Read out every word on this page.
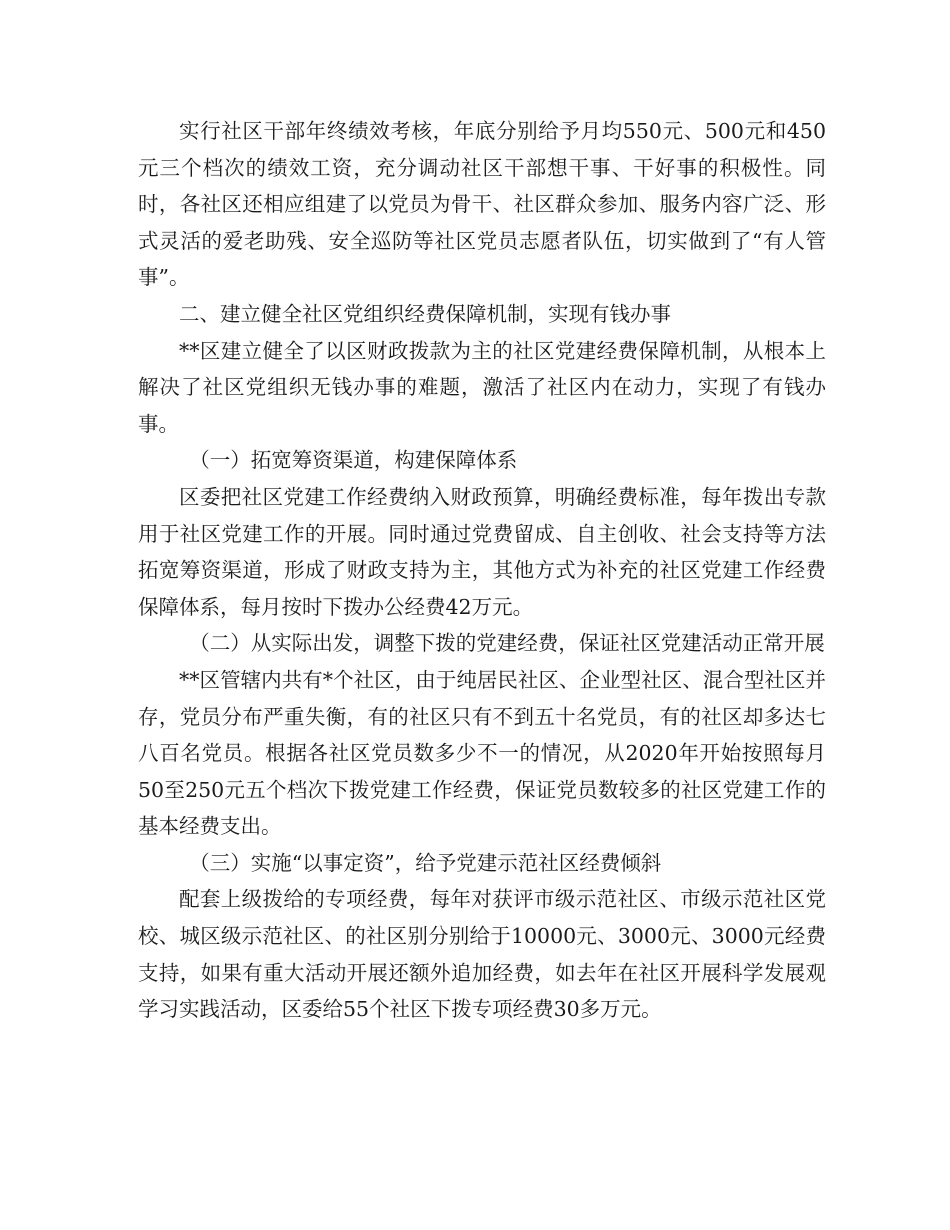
实行社区干部年终绩效考核，年底分别给予月均550元、500元和450元三个档次的绩效工资，充分调动社区干部想干事、干好事的积极性。同时，各社区还相应组建了以党员为骨干、社区群众参加、服务内容广泛、形式灵活的爱老助残、安全巡防等社区党员志愿者队伍，切实做到了“有人管事”。

二、建立健全社区党组织经费保障机制，实现有钱办事

**区建立健全了以区财政拨款为主的社区党建经费保障机制，从根本上解决了社区党组织无钱办事的难题，激活了社区内在动力，实现了有钱办事。

（一）拓宽筹资渠道，构建保障体系

区委把社区党建工作经费纳入财政预算，明确经费标准，每年拨出专款用于社区党建工作的开展。同时通过党费留成、自主创收、社会支持等方法拓宽筹资渠道，形成了财政支持为主，其他方式为补充的社区党建工作经费保障体系，每月按时下拨办公经费42万元。

（二）从实际出发，调整下拨的党建经费，保证社区党建活动正常开展

**区管辖内共有*个社区，由于纯居民社区、企业型社区、混合型社区并存，党员分布严重失衡，有的社区只有不到五十名党员，有的社区却多达七八百名党员。根据各社区党员数多少不一的情况，从2020年开始按照每月50至250元五个档次下拨党建工作经费，保证党员数较多的社区党建工作的基本经费支出。

（三）实施“以事定资”，给予党建示范社区经费倾斜

配套上级拨给的专项经费，每年对获评市级示范社区、市级示范社区党校、城区级示范社区、的社区别分别给于10000元、3000元、3000元经费支持，如果有重大活动开展还额外追加经费，如去年在社区开展科学发展观学习实践活动，区委给55个社区下拨专项经费30多万元。
